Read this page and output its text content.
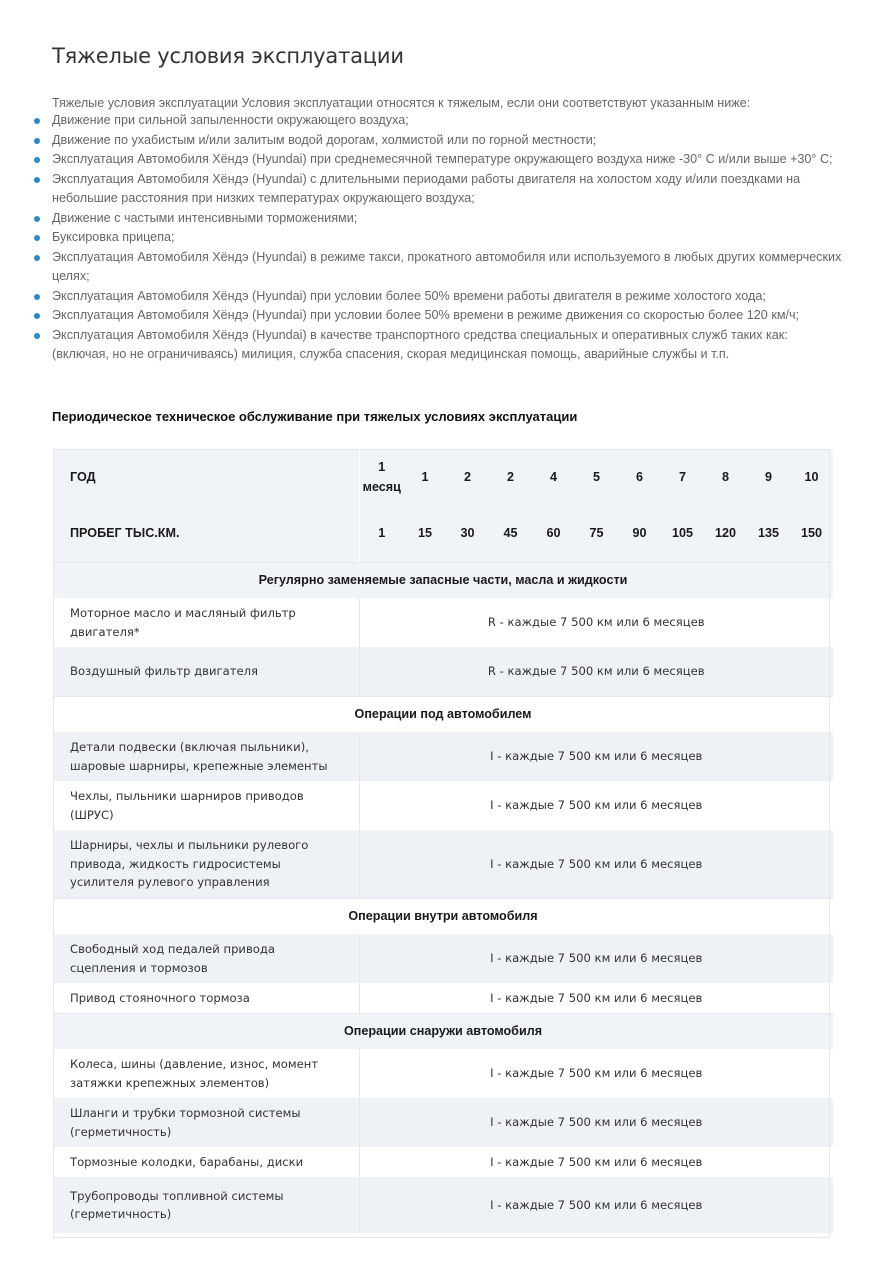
Тяжелые условия эксплуатации
Тяжелые условия эксплуатации Условия эксплуатации относятся к тяжелым, если они соответствуют указанным ниже:
Движение при сильной запыленности окружающего воздуха;
Движение по ухабистым и/или залитым водой дорогам, холмистой или по горной местности;
Эксплуатация Автомобиля Хёндэ (Hyundai) при среднемесячной температуре окружающего воздуха ниже -30° С и/или выше +30° С;
Эксплуатация Автомобиля Хёндэ (Hyundai) с длительными периодами работы двигателя на холостом ходу и/или поездками на небольшие расстояния при низких температурах окружающего воздуха;
Движение с частыми интенсивными торможениями;
Буксировка прицепа;
Эксплуатация Автомобиля Хёндэ (Hyundai) в режиме такси, прокатного автомобиля или используемого в любых других коммерческих целях;
Эксплуатация Автомобиля Хёндэ (Hyundai) при условии более 50% времени работы двигателя в режиме холостого хода;
Эксплуатация Автомобиля Хёндэ (Hyundai) при условии более 50% времени в режиме движения со скоростью более 120 км/ч;
Эксплуатация Автомобиля Хёндэ (Hyundai) в качестве транспортного средства специальных и оперативных служб таких как: (включая, но не ограничиваясь) милиция, служба спасения, скорая медицинская помощь, аварийные службы и т.п.
Периодическое техническое обслуживание при тяжелых условиях эксплуатации
ГОД	1 месяц	1	2	2	4	5	6	7	8	9	10
ПРОБЕГ ТЫС.КМ.	1	15	30	45	60	75	90	105	120	135	150
Регулярно заменяемые запасные части, масла и жидкости											
Моторное масло и масляный фильтр двигателя*	R - каждые 7 500 км или 6 месяцев										
Воздушный фильтр двигателя	R - каждые 7 500 км или 6 месяцев										
Операции под автомобилем											
Детали подвески (включая пыльники), шаровые шарниры, крепежные элементы	I - каждые 7 500 км или 6 месяцев										
Чехлы, пыльники шарниров приводов (ШРУС)	I - каждые 7 500 км или 6 месяцев										
Шарниры, чехлы и пыльники рулевого привода, жидкость гидросистемы усилителя рулевого управления	I - каждые 7 500 км или 6 месяцев										
Операции внутри автомобиля											
Свободный ход педалей привода сцепления и тормозов	I - каждые 7 500 км или 6 месяцев										
Привод стояночного тормоза	I - каждые 7 500 км или 6 месяцев										
Операции снаружи автомобиля											
Колеса, шины (давление, износ, момент затяжки крепежных элементов)	I - каждые 7 500 км или 6 месяцев										
Шланги и трубки тормозной системы (герметичность)	I - каждые 7 500 км или 6 месяцев										
Тормозные колодки, барабаны, диски	I - каждые 7 500 км или 6 месяцев										
Трубопроводы топливной системы (герметичность)	I - каждые 7 500 км или 6 месяцев										
